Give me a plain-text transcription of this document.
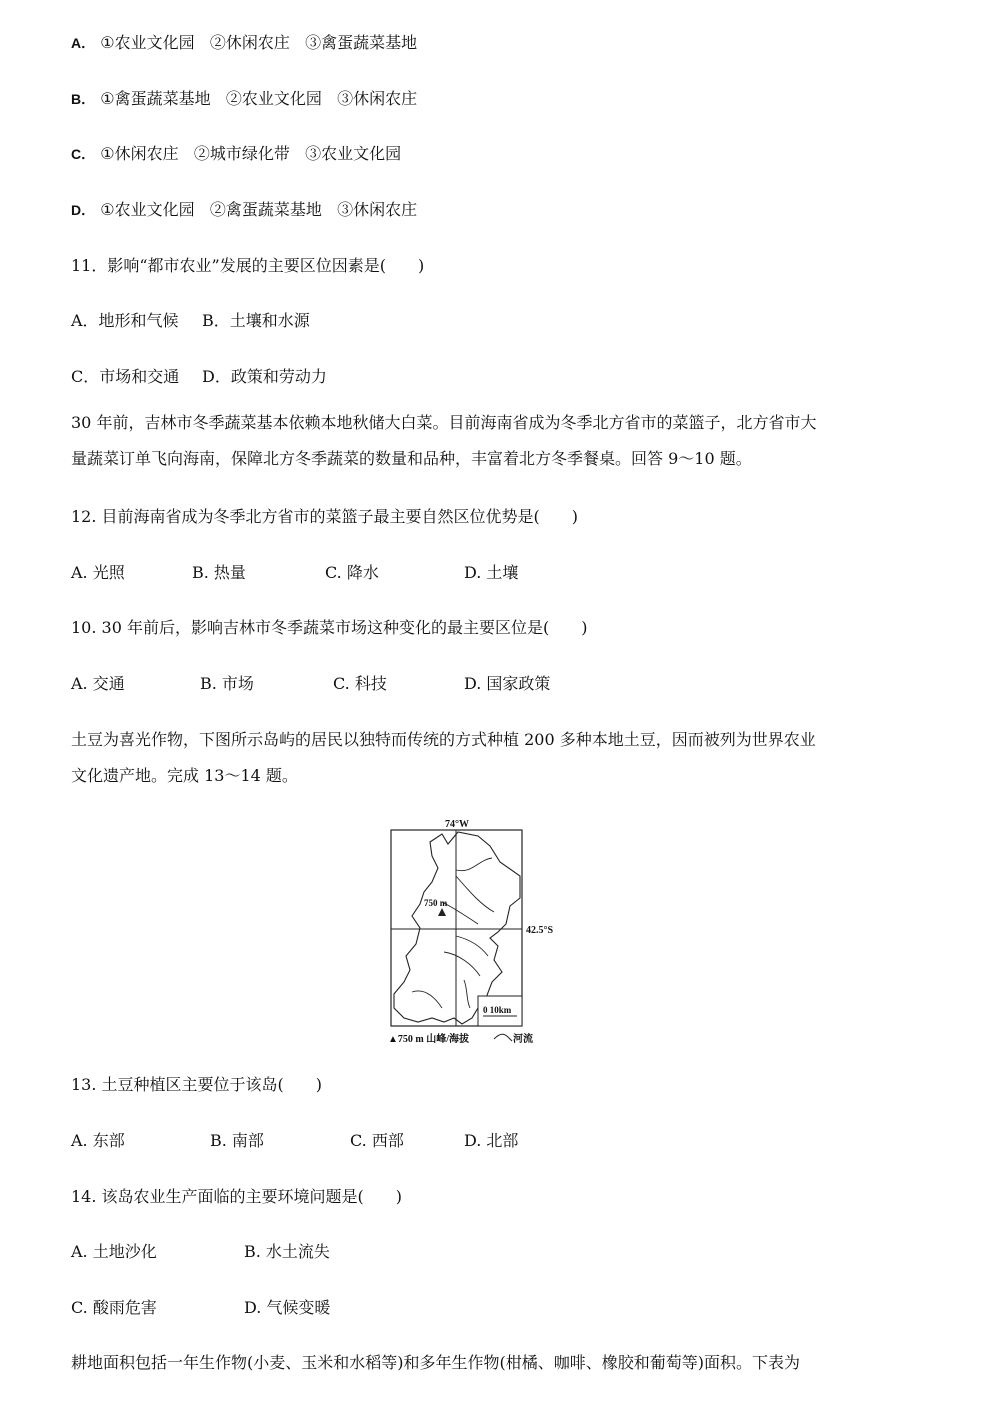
A． ①农业文化园 ②休闲农庄 ③禽蛋蔬菜基地
B． ①禽蛋蔬菜基地 ②农业文化园 ③休闲农庄
C． ①休闲农庄 ②城市绿化带 ③农业文化园
D． ①农业文化园 ②禽蛋蔬菜基地 ③休闲农庄
11．影响“都市农业”发展的主要区位因素是(　　)
A．地形和气候 B．土壤和水源
C．市场和交通 D．政策和劳动力
30 年前，吉林市冬季蔬菜基本依赖本地秋储大白菜。目前海南省成为冬季北方省市的菜篮子，北方省市大
量蔬菜订单飞向海南，保障北方冬季蔬菜的数量和品种，丰富着北方冬季餐桌。回答 9～10 题。
12. 目前海南省成为冬季北方省市的菜篮子最主要自然区位优势是(　　)
A. 光照	B. 热量	C. 降水	D. 土壤
10. 30 年前后，影响吉林市冬季蔬菜市场这种变化的最主要区位是(　　)
A. 交通	B. 市场	C. 科技	D. 国家政策
土豆为喜光作物，下图所示岛屿的居民以独特而传统的方式种植 200 多种本地土豆，因而被列为世界农业
文化遗产地。完成 13～14 题。
74°W
42.5°S
750 m
0 10km
▲750 m 山峰/海拔	河流
13. 土豆种植区主要位于该岛(　　)
A. 东部	B. 南部	C. 西部	D. 北部
14. 该岛农业生产面临的主要环境问题是(　　)
A. 土地沙化	B. 水土流失
C. 酸雨危害	D. 气候变暖
耕地面积包括一年生作物(小麦、玉米和水稻等)和多年生作物(柑橘、咖啡、橡胶和葡萄等)面积。下表为
